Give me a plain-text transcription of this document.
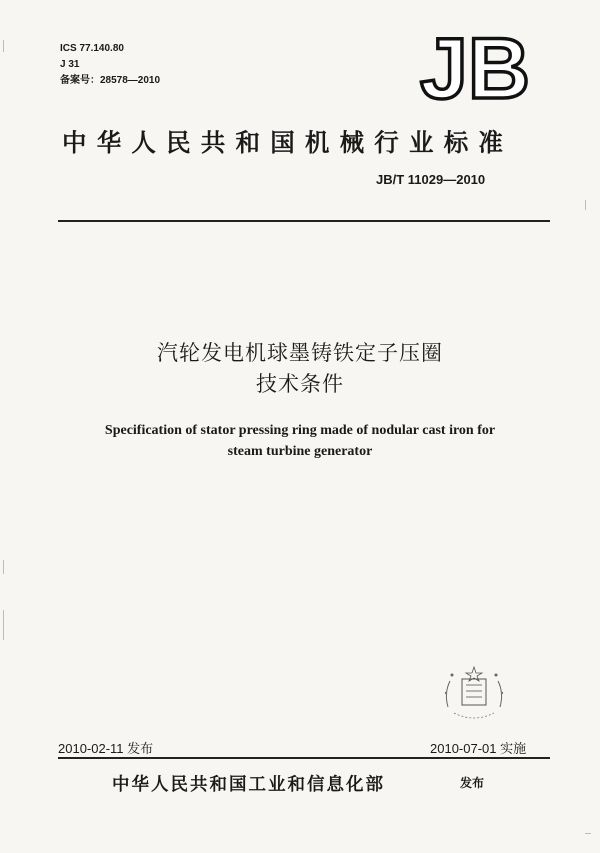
ICS 77.140.80
J 31
备案号：28578—2010	JB
中华人民共和国机械行业标准
JB/T 11029—2010
汽轮发电机球墨铸铁定子压圈
技术条件
Specification of stator pressing ring made of nodular cast iron for
steam turbine generator
2010-02-11 发布	2010-07-01 实施
中华人民共和国工业和信息化部	发布
